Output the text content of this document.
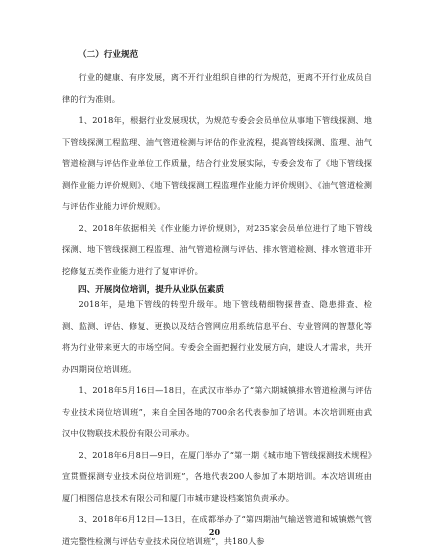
（二）行业规范

行业的健康、有序发展，离不开行业组织自律的行为规范，更离不开行业成员自律的行为准则。

1、2018年，根据行业发展现状，为规范专委会会员单位从事地下管线探测、地下管线探测工程监理、油气管道检测与评估的作业流程，提高管线探测、监理、油气管道检测与评估作业单位工作质量，结合行业发展实际，专委会发布了《地下管线探测作业能力评价规则》、《地下管线探测工程监理作业能力评价规则》、《油气管道检测与评估作业能力评价规则》。

2、2018年依据相关《作业能力评价规则》，对235家会员单位进行了地下管线探测、地下管线探测工程监理、油气管道检测与评估、排水管道检测、排水管道非开挖修复五类作业能力进行了复审评价。

四、开展岗位培训，提升从业队伍素质

2018年，是地下管线的转型升级年。地下管线精细物探普查、隐患排查、检测、监测、评估、修复、更换以及结合管网应用系统信息平台、专业管网的智慧化等将为行业带来更大的市场空间。专委会全面把握行业发展方向，建设人才需求，共开办四期岗位培训班。

1、2018年5月16日—18日，在武汉市举办了“第六期城镇排水管道检测与评估专业技术岗位培训班”，来自全国各地的700余名代表参加了培训。本次培训班由武汉中仪物联技术股份有限公司承办。

2、2018年6月8日—9日，在厦门举办了“第一期《城市地下管线探测技术规程》宣贯暨探测专业技术岗位培训班”，各地代表200人参加了本期培训。本次培训班由厦门相图信息技术有限公司和厦门市城市建设档案馆负责承办。

3、2018年6月12日—13日，在成都举办了“第四期油气输送管道和城镇燃气管道完整性检测与评估专业技术岗位培训班”，共180人参

20
